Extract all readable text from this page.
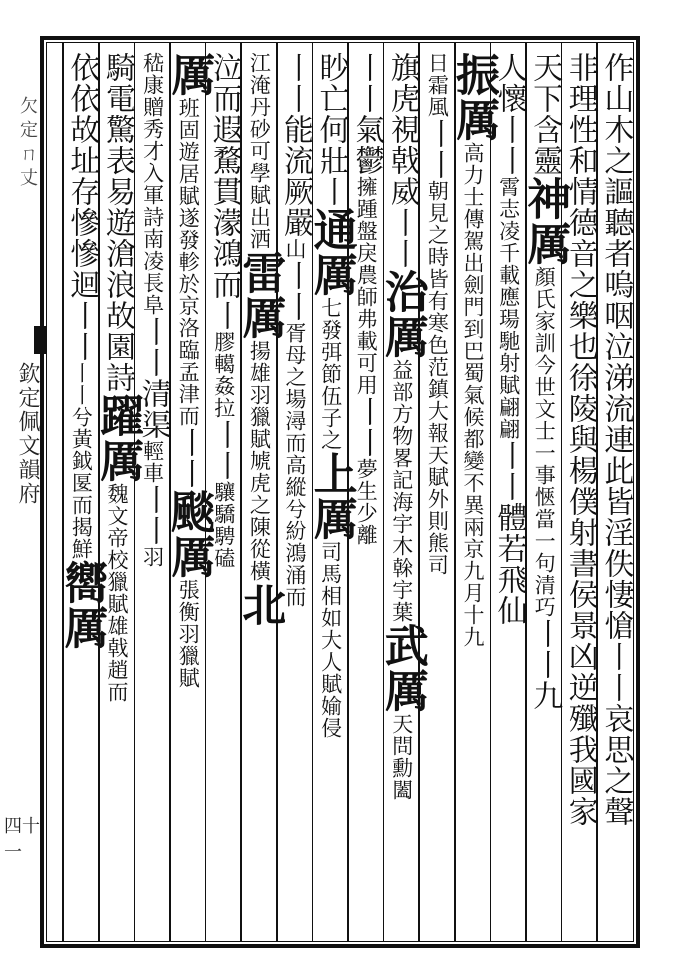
欠定ㄇ丈
欽定佩文韻府
四十一
作山木之謳聽者嗚咽泣涕流連此皆淫佚悽愴丨丨哀思之聲
非理性和情德音之樂也徐陵與楊僕射書侯景凶逆殲我國家
天下含靈神厲顏氏家訓今世文士一事愜當一句清巧丨丨九
人懷丨丨霄志凌千載應瑒馳射賦翩翩丨丨體若飛仙
振厲高力士傳駕出劍門到巴蜀氣候都變不異兩京九月十九
日霜風丨丨朝見之時皆有寒色范鎮大報天賦外則熊司
旗虎視戟威丨丨治厲益部方物畧記海宇木榦宇葉武厲天問勳闔
丨丨氣鬱擁踵盤戾農師弗載可用丨丨夢生少離
眇亡何壯丨通厲七發弭節伍子之上厲司馬相如大人賦媮侵
丨丨能流厥嚴山丨丨胥母之場潯而高縱兮紛鴻涌而
江淹丹砂可學賦出洒雷厲揚雄羽獵賦虓虎之陳從橫北
泣而遐騖貫濛鴻而丨膠轕姦拉丨丨驤驕騁磕
厲班固遊居賦遂發軫於京洛臨孟津而丨丨颷厲張衡羽獵賦
嵇康贈秀才入軍詩南凌長阜丨丨清渠輕車丨丨羽
騎電驚表易遊滄浪故園詩躍厲魏文帝校獵賦雄戟趙而
依依故址存慘慘迴丨丨丨丨兮黃鉞匽而揭鮮嚮厲
